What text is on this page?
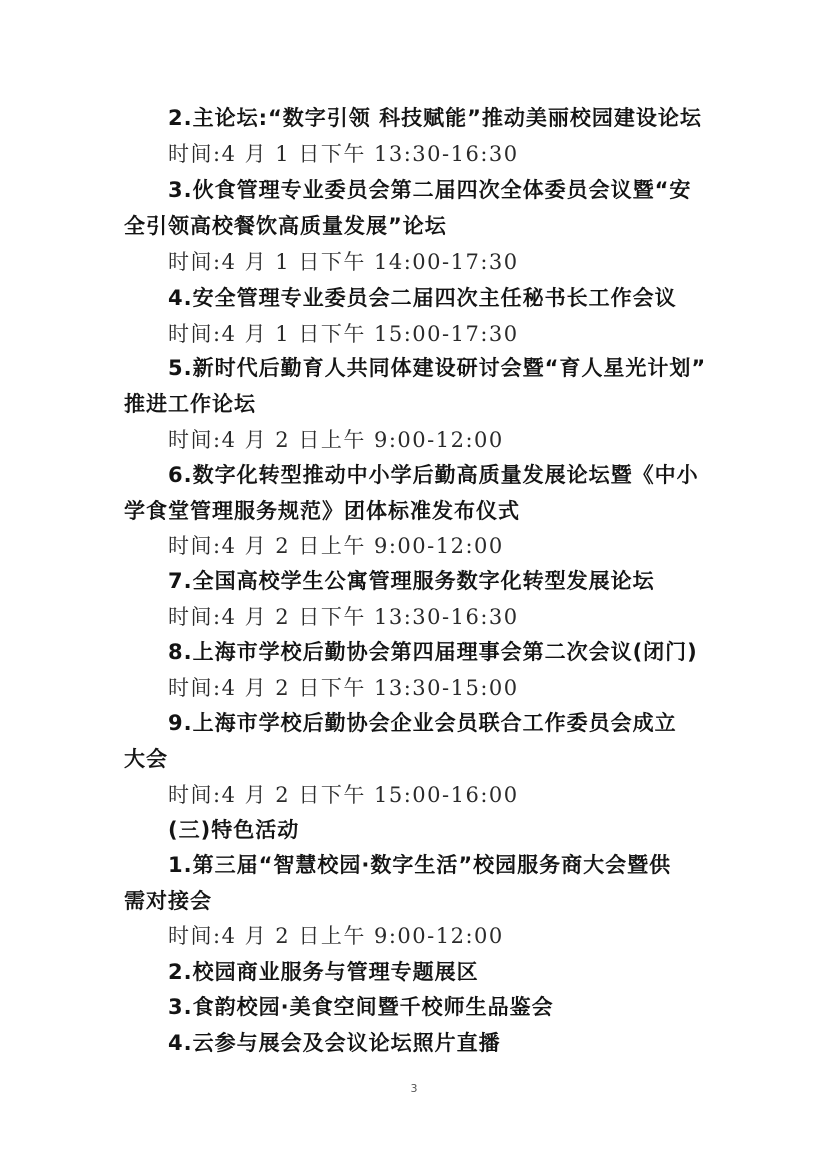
2.主论坛:“数字引领 科技赋能”推动美丽校园建设论坛
时间:4 月 1 日下午 13:30-16:30
3.伙食管理专业委员会第二届四次全体委员会议暨“安
全引领高校餐饮高质量发展”论坛
时间:4 月 1 日下午 14:00-17:30
4.安全管理专业委员会二届四次主任秘书长工作会议
时间:4 月 1 日下午 15:00-17:30
5.新时代后勤育人共同体建设研讨会暨“育人星光计划”
推进工作论坛
时间:4 月 2 日上午 9:00-12:00
6.数字化转型推动中小学后勤高质量发展论坛暨《中小
学食堂管理服务规范》团体标准发布仪式
时间:4 月 2 日上午 9:00-12:00
7.全国高校学生公寓管理服务数字化转型发展论坛
时间:4 月 2 日下午 13:30-16:30
8.上海市学校后勤协会第四届理事会第二次会议(闭门)
时间:4 月 2 日下午 13:30-15:00
9.上海市学校后勤协会企业会员联合工作委员会成立
大会
时间:4 月 2 日下午 15:00-16:00
(三)特色活动
1.第三届“智慧校园·数字生活”校园服务商大会暨供
需对接会
时间:4 月 2 日上午 9:00-12:00
2.校园商业服务与管理专题展区
3.食韵校园·美食空间暨千校师生品鉴会
4.云参与展会及会议论坛照片直播
3
